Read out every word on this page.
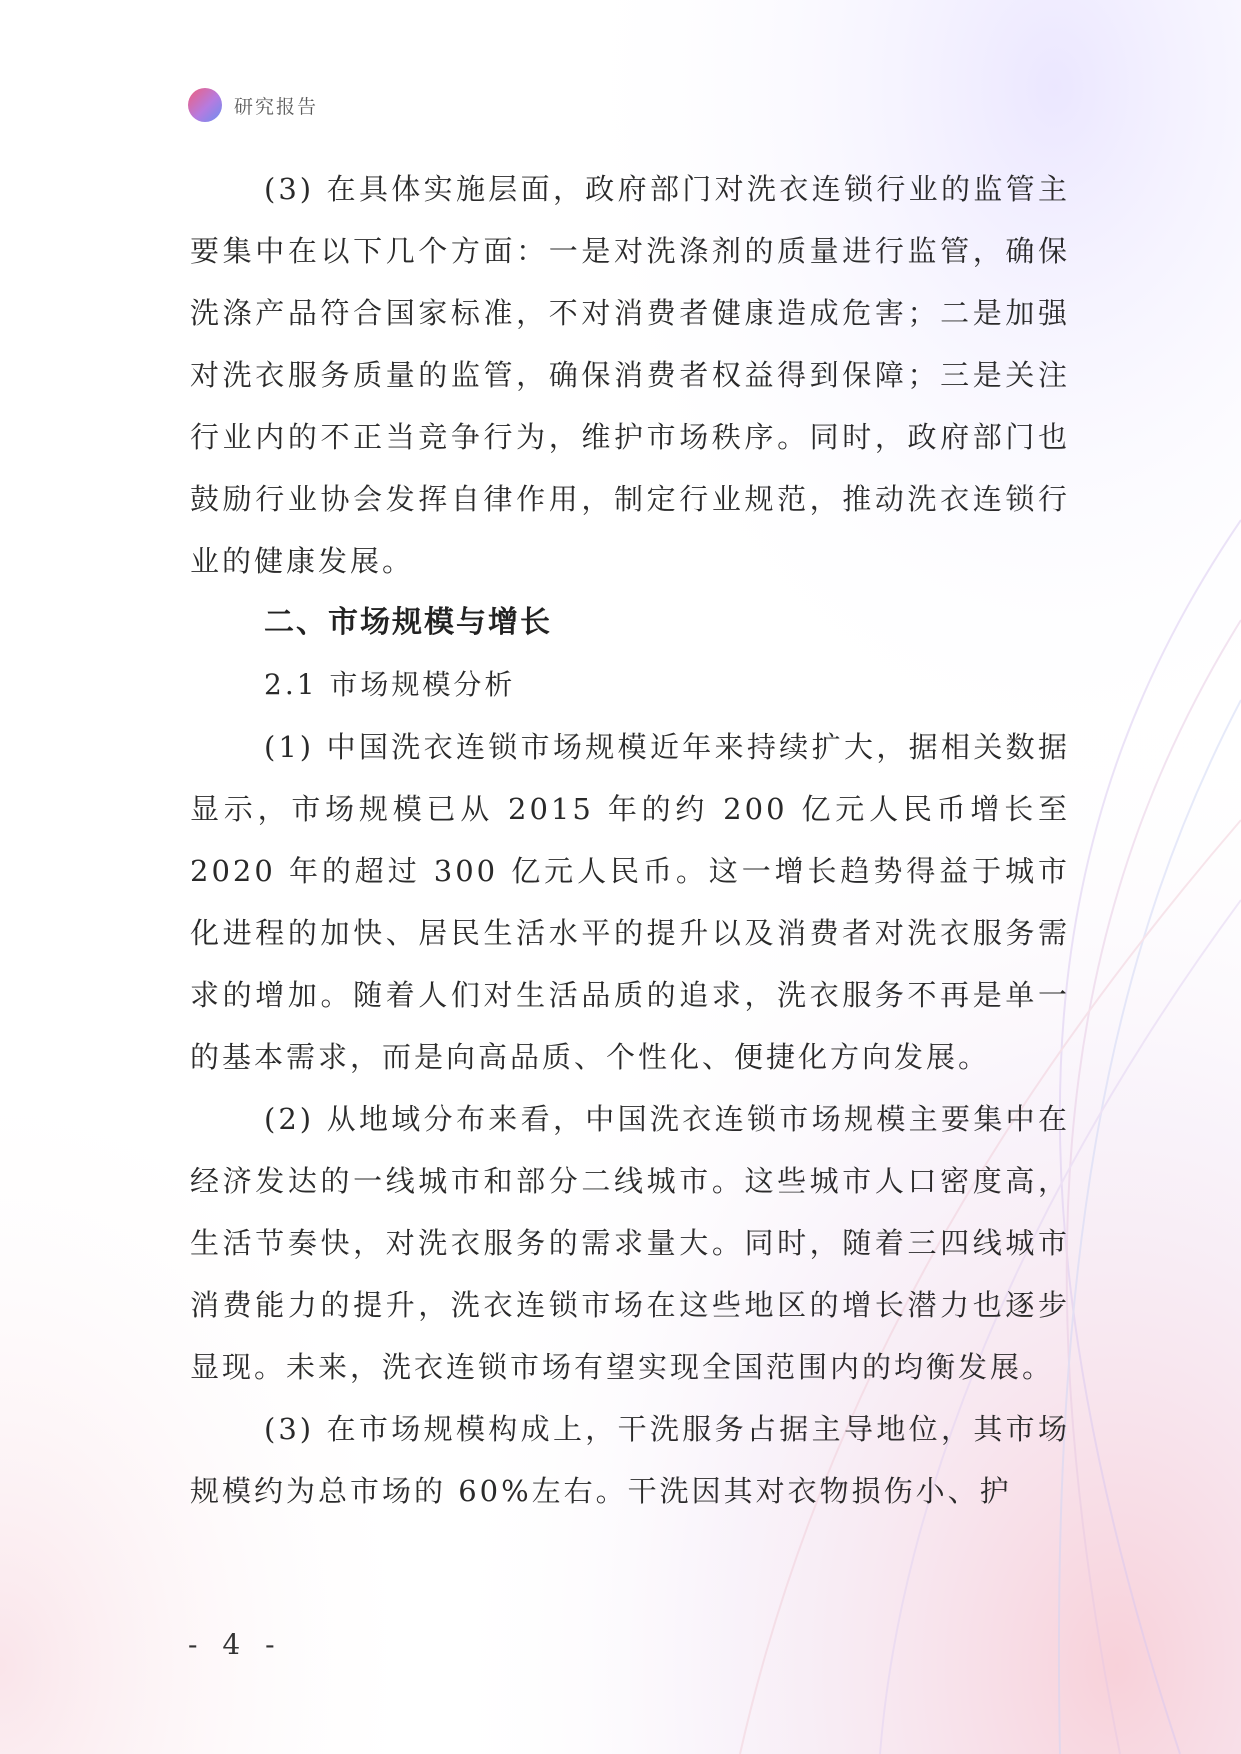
研究报告

(3) 在具体实施层面，政府部门对洗衣连锁行业的监管主要集中在以下几个方面：一是对洗涤剂的质量进行监管，确保洗涤产品符合国家标准，不对消费者健康造成危害；二是加强对洗衣服务质量的监管，确保消费者权益得到保障；三是关注行业内的不正当竞争行为，维护市场秩序。同时，政府部门也鼓励行业协会发挥自律作用，制定行业规范，推动洗衣连锁行业的健康发展。

二、市场规模与增长

2.1 市场规模分析

(1) 中国洗衣连锁市场规模近年来持续扩大，据相关数据显示，市场规模已从 2015 年的约 200 亿元人民币增长至 2020 年的超过 300 亿元人民币。这一增长趋势得益于城市化进程的加快、居民生活水平的提升以及消费者对洗衣服务需求的增加。随着人们对生活品质的追求，洗衣服务不再是单一的基本需求，而是向高品质、个性化、便捷化方向发展。

(2) 从地域分布来看，中国洗衣连锁市场规模主要集中在经济发达的一线城市和部分二线城市。这些城市人口密度高，生活节奏快，对洗衣服务的需求量大。同时，随着三四线城市消费能力的提升，洗衣连锁市场在这些地区的增长潜力也逐步显现。未来，洗衣连锁市场有望实现全国范围内的均衡发展。

(3) 在市场规模构成上，干洗服务占据主导地位，其市场规模约为总市场的 60%左右。干洗因其对衣物损伤小、护

- 4 -
